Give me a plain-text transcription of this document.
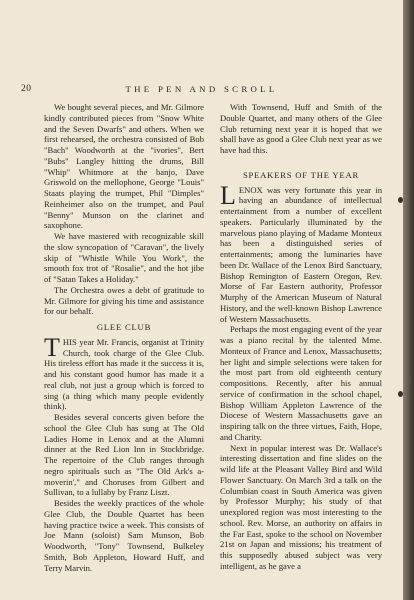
20	THE PEN AND SCROLL

We bought several pieces, and Mr. Gilmore kindly contributed pieces from "Snow White and the Seven Dwarfs" and others. When we first rehearsed, the orchestra consisted of Bob "Bach" Woodworth at the "ivories", Bert "Bubs" Langley hitting the drums, Bill "Whip" Whitmore at the banjo, Dave Griswold on the mellophone, George "Louis" Staats playing the trumpet, Phil "Dimples" Reinheimer also on the trumpet, and Paul "Benny" Munson on the clarinet and saxophone.

We have mastered with recognizable skill the slow syncopation of "Caravan", the lively skip of "Whistle While You Work", the smooth fox trot of "Rosalie", and the hot jibe of "Satan Takes a Holiday."

The Orchestra owes a debt of gratitude to Mr. Gilmore for giving his time and assistance for our behalf.

GLEE CLUB

THIS year Mr. Francis, organist at Trinity Church, took charge of the Glee Club. His tireless effort has made it the success it is, and his constant good humor has made it a real club, not just a group which is forced to sing (a thing which many people evidently think).

Besides several concerts given before the school the Glee Club has sung at The Old Ladies Home in Lenox and at the Alumni dinner at the Red Lion Inn in Stockbridge. The repertoire of the Club ranges through negro spirituals such as "The Old Ark's a-moverin'," and Choruses from Gilbert and Sullivan, to a lullaby by Franz Liszt.

Besides the weekly practices of the whole Glee Club, the Double Quartet has been having practice twice a week. This consists of Joe Mann (soloist) Sam Munson, Bob Woodworth, "Tony" Townsend, Bulkeley Smith, Bob Appleton, Howard Huff, and Terry Marvin.

With Townsend, Huff and Smith of the Double Quartet, and many others of the Glee Club returning next year it is hoped that we shall have as good a Glee Club next year as we have had this.

SPEAKERS OF THE YEAR

LENOX was very fortunate this year in having an abundance of intellectual entertainment from a number of excellent speakers. Particularly illuminated by the marvelous piano playing of Madame Monteux has been a distinguished series of entertainments; among the luminaries have been Dr. Wallace of the Lenox Bird Sanctuary, Bishop Remington of Eastern Oregon, Rev. Morse of Far Eastern authority, Professor Murphy of the American Museum of Natural History, and the well-known Bishop Lawrence of Western Massachusetts.

Perhaps the most engaging event of the year was a piano recital by the talented Mme. Monteux of France and Lenox, Massachusetts; her light and simple selections were taken for the most part from old eighteenth century compositions. Recently, after his annual service of confirmation in the school chapel, Bishop William Appleton Lawrence of the Diocese of Western Massachusetts gave an inspiring talk on the three virtues, Faith, Hope, and Charity.

Next in popular interest was Dr. Wallace's interesting dissertation and fine slides on the wild life at the Pleasant Valley Bird and Wild Flower Sanctuary. On March 3rd a talk on the Columbian coast in South America was given by Professor Murphy; his study of that unexplored region was most interesting to the school. Rev. Morse, an authority on affairs in the Far East, spoke to the school on November 21st on Japan and missions; his treatment of this supposedly abused subject was very intelligent, as he gave a
